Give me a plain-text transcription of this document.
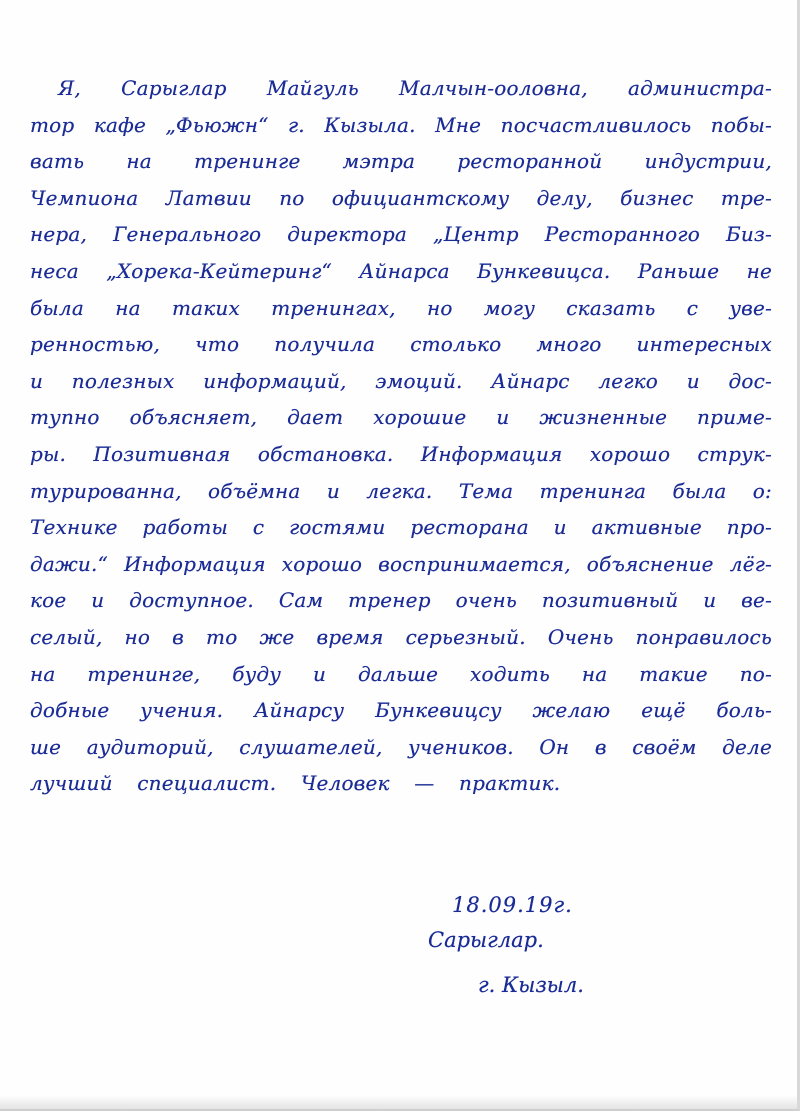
Я, Сарыглар Майгуль Малчын-ооловна, администра-
тор кафе „Фьюжн“ г. Кызыла. Мне посчастливилось побы-
вать на тренинге мэтра ресторанной индустрии,
Чемпиона Латвии по официантскому делу, бизнес тре-
нера, Генерального директора „Центр Ресторанного Биз-
неса „Хорека-Кейтеринг“ Айнарса Бункевицса. Раньше не
была на таких тренингах, но могу сказать с уве-
ренностью, что получила столько много интересных
и полезных информаций, эмоций. Айнарс легко и дос-
тупно объясняет, дает хорошие и жизненные приме-
ры. Позитивная обстановка. Информация хорошо струк-
турированна, объёмна и легка. Тема тренинга была о:
Технике работы с гостями ресторана и активные про-
дажи.“ Информация хорошо воспринимается, объяснение лёг-
кое и доступное. Сам тренер очень позитивный и ве-
селый, но в то же время серьезный. Очень понравилось
на тренинге, буду и дальше ходить на такие по-
добные учения. Айнарсу Бункевицсу желаю ещё боль-
ше аудиторий, слушателей, учеников. Он в своём деле
лучший специалист. Человек — практик.
18.09.19г.
Сарыглар.
г. Кызыл.
